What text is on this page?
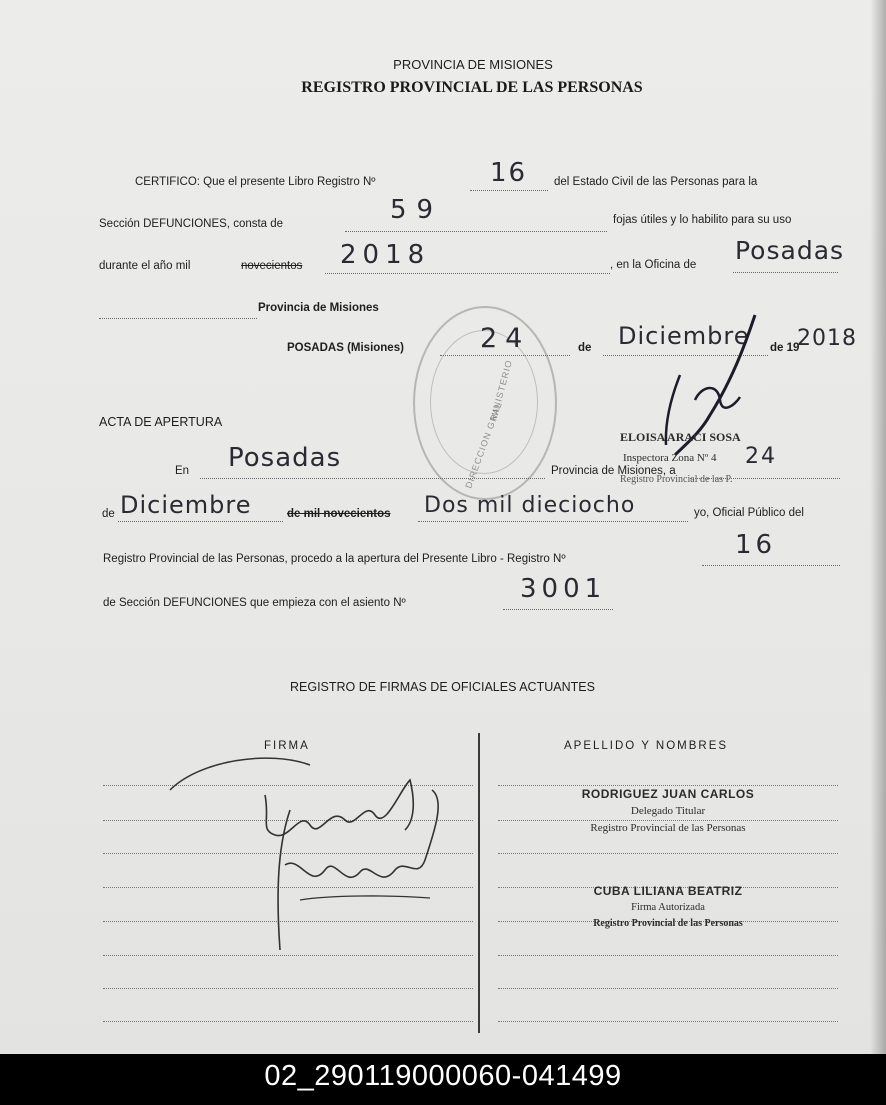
PROVINCIA DE MISIONES
REGISTRO PROVINCIAL DE LAS PERSONAS
CERTIFICO: Que el presente Libro Registro Nº	16 del Estado Civil de las Personas para la
Sección DEFUNCIONES, consta de	59	fojas útiles y lo habilito para su uso
durante el año mil	novecientos 2018	, en la Oficina de Posadas
Provincia de Misiones
DIRECCION GRAL
MINISTERIO
POSADAS (Misiones)	24	de Diciembre de 19
2018
ELOISA ARACI SOSA
Inspectora Zona Nº 4
Registro Provincial de las P.
ACTA DE APERTURA
En Posadas	Provincia de Misiones, a
24
de Diciembre	de mil novecientos Dos mil dieciocho	yo, Oficial Público del
Registro Provincial de las Personas, procedo a la apertura del Presente Libro - Registro Nº	16
de Sección DEFUNCIONES que empieza con el asiento Nº	3001
REGISTRO DE FIRMAS DE OFICIALES ACTUANTES
FIRMA	APELLIDO Y NOMBRES
RODRIGUEZ JUAN CARLOS
Delegado Titular
Registro Provincial de las Personas
CUBA LILIANA BEATRIZ
Firma Autorizada
Registro Provincial de las Personas
02_290119000060-041499
